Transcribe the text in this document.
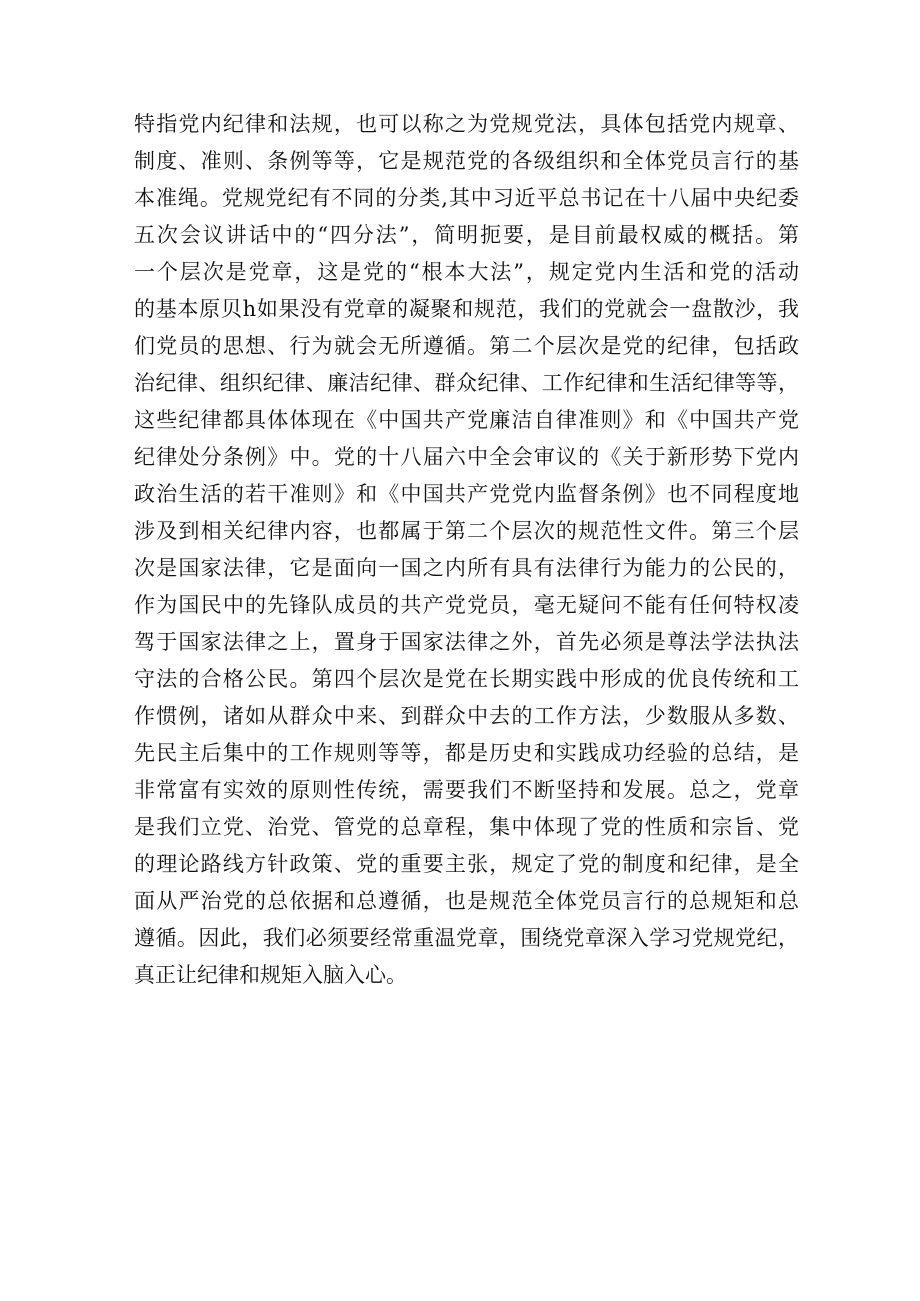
特指党内纪律和法规，也可以称之为党规党法，具体包括党内规章、
制度、准则、条例等等，它是规范党的各级组织和全体党员言行的基
本准绳。党规党纪有不同的分类,其中习近平总书记在十八届中央纪委
五次会议讲话中的“四分法”，简明扼要，是目前最权威的概括。第
一个层次是党章，这是党的“根本大法”，规定党内生活和党的活动
的基本原贝h如果没有党章的凝聚和规范，我们的党就会一盘散沙，我
们党员的思想、行为就会无所遵循。第二个层次是党的纪律，包括政
治纪律、组织纪律、廉洁纪律、群众纪律、工作纪律和生活纪律等等，
这些纪律都具体体现在《中国共产党廉洁自律准则》和《中国共产党
纪律处分条例》中。党的十八届六中全会审议的《关于新形势下党内
政治生活的若干准则》和《中国共产党党内监督条例》也不同程度地
涉及到相关纪律内容，也都属于第二个层次的规范性文件。第三个层
次是国家法律，它是面向一国之内所有具有法律行为能力的公民的，
作为国民中的先锋队成员的共产党党员，毫无疑问不能有任何特权凌
驾于国家法律之上，置身于国家法律之外，首先必须是尊法学法执法
守法的合格公民。第四个层次是党在长期实践中形成的优良传统和工
作惯例，诸如从群众中来、到群众中去的工作方法，少数服从多数、
先民主后集中的工作规则等等，都是历史和实践成功经验的总结，是
非常富有实效的原则性传统，需要我们不断坚持和发展。总之，党章
是我们立党、治党、管党的总章程，集中体现了党的性质和宗旨、党
的理论路线方针政策、党的重要主张，规定了党的制度和纪律，是全
面从严治党的总依据和总遵循，也是规范全体党员言行的总规矩和总
遵循。因此，我们必须要经常重温党章，围绕党章深入学习党规党纪，
真正让纪律和规矩入脑入心。
